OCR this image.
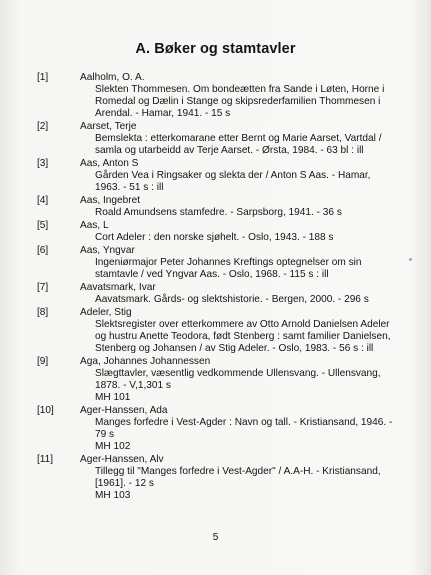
A. Bøker og stamtavler
[1]	Aalholm, O. A.
Slekten Thommesen. Om bondeætten fra Sande i Løten, Horne i
Romedal og Dælin i Stange og skipsrederfamilien Thommesen i
Arendal. - Hamar, 1941. - 15 s
[2]	Aarset, Terje
Bemslekta : etterkomarane etter Bernt og Marie Aarset, Vartdal /
samla og utarbeidd av Terje Aarset. - Ørsta, 1984. - 63 bl : ill
[3]	Aas, Anton S
Gården Vea i Ringsaker og slekta der / Anton S Aas. - Hamar,
1963. - 51 s : ill
[4]	Aas, Ingebret
Roald Amundsens stamfedre. - Sarpsborg, 1941. - 36 s
[5]	Aas, L
Cort Adeler : den norske sjøhelt. - Oslo, 1943. - 188 s
[6]	Aas, Yngvar
Ingeniørmajor Peter Johannes Kreftings optegnelser om sin
stamtavle / ved Yngvar Aas. - Oslo, 1968. - 115 s : ill
[7]	Aavatsmark, Ivar
Aavatsmark. Gårds- og slektshistorie. - Bergen, 2000. - 296 s
[8]	Adeler, Stig
Slektsregister over etterkommere av Otto Arnold Danielsen Adeler
og hustru Anette Teodora, født Stenberg : samt familier Danielsen,
Stenberg og Johansen / av Stig Adeler. - Oslo, 1983. - 56 s : ill
[9]	Aga, Johannes Johannessen
Slægttavler, væsentlig vedkommende Ullensvang. - Ullensvang,
1878. - V,1,301 s
MH 101
[10]	Ager-Hanssen, Ada
Manges forfedre i Vest-Agder : Navn og tall. - Kristiansand, 1946. -
79 s
MH 102
[11]	Ager-Hanssen, Alv
Tillegg til "Manges forfedre i Vest-Agder" / A.A-H. - Kristiansand,
[1961]. - 12 s
MH 103
5
